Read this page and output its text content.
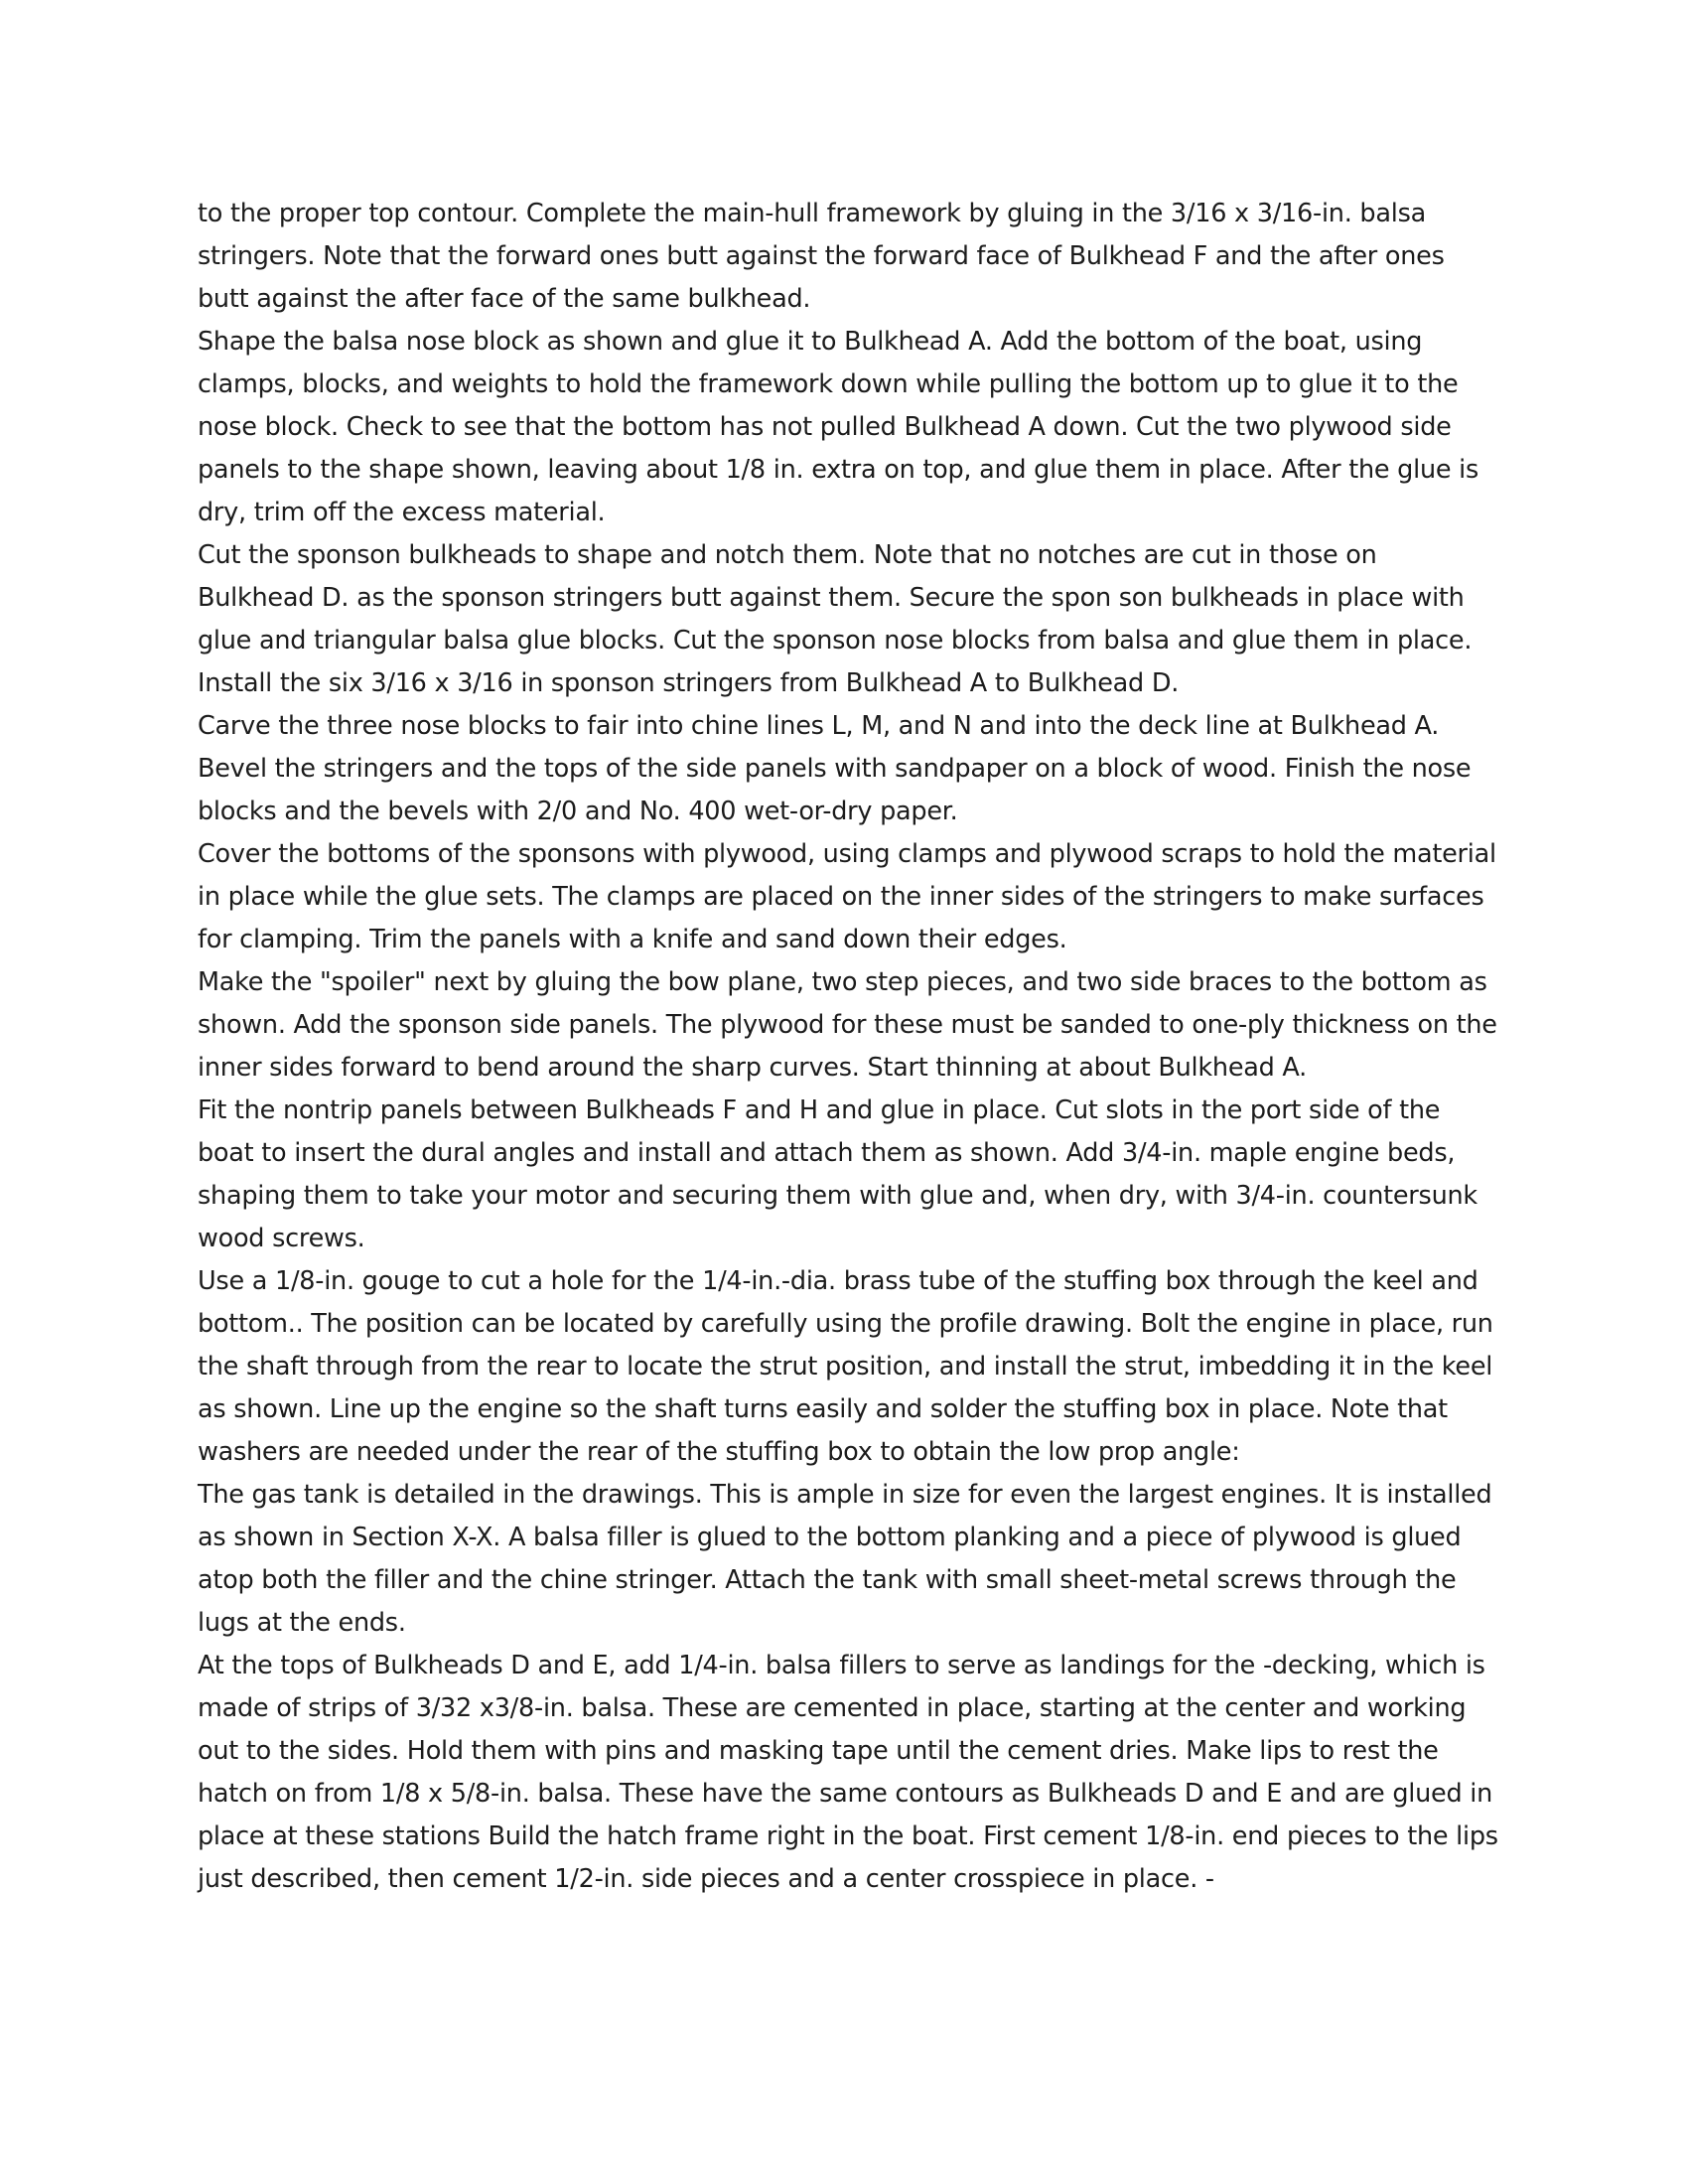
to the proper top contour. Complete the main-hull framework by gluing in the 3/16 x 3/16-in. balsa stringers. Note that the forward ones butt against the forward face of Bulkhead F and the after ones butt against the after face of the same bulkhead.

Shape the balsa nose block as shown and glue it to Bulkhead A. Add the bottom of the boat, using clamps, blocks, and weights to hold the framework down while pulling the bottom up to glue it to the nose block. Check to see that the bottom has not pulled Bulkhead A down. Cut the two plywood side panels to the shape shown, leaving about 1/8 in. extra on top, and glue them in place. After the glue is dry, trim off the excess material.

Cut the sponson bulkheads to shape and notch them. Note that no notches are cut in those on Bulkhead D. as the sponson stringers butt against them. Secure the spon son bulkheads in place with glue and triangular balsa glue blocks. Cut the sponson nose blocks from balsa and glue them in place. Install the six 3/16 x 3/16 in sponson stringers from Bulkhead A to Bulkhead D.

Carve the three nose blocks to fair into chine lines L, M, and N and into the deck line at Bulkhead A. Bevel the stringers and the tops of the side panels with sandpaper on a block of wood. Finish the nose blocks and the bevels with 2/0 and No. 400 wet-or-dry paper.

Cover the bottoms of the sponsons with plywood, using clamps and plywood scraps to hold the material in place while the glue sets. The clamps are placed on the inner sides of the stringers to make surfaces for clamping. Trim the panels with a knife and sand down their edges.

Make the "spoiler" next by gluing the bow plane, two step pieces, and two side braces to the bottom as shown. Add the sponson side panels. The plywood for these must be sanded to one-ply thickness on the inner sides forward to bend around the sharp curves. Start thinning at about Bulkhead A.

Fit the nontrip panels between Bulkheads F and H and glue in place. Cut slots in the port side of the boat to insert the dural angles and install and attach them as shown. Add 3/4-in. maple engine beds, shaping them to take your motor and securing them with glue and, when dry, with 3/4-in. countersunk wood screws.

Use a 1/8-in. gouge to cut a hole for the 1/4-in.-dia. brass tube of the stuffing box through the keel and bottom.. The position can be located by carefully using the profile drawing. Bolt the engine in place, run the shaft through from the rear to locate the strut position, and install the strut, imbedding it in the keel as shown. Line up the engine so the shaft turns easily and solder the stuffing box in place. Note that washers are needed under the rear of the stuffing box to obtain the low prop angle:

The gas tank is detailed in the drawings. This is ample in size for even the largest engines. It is installed as shown in Section X-X. A balsa filler is glued to the bottom planking and a piece of plywood is glued atop both the filler and the chine stringer. Attach the tank with small sheet-metal screws through the lugs at the ends.

At the tops of Bulkheads D and E, add 1/4-in. balsa fillers to serve as landings for the -decking, which is made of strips of 3/32 x3/8-in. balsa. These are cemented in place, starting at the center and working out to the sides. Hold them with pins and masking tape until the cement dries. Make lips to rest the hatch on from 1/8 x 5/8-in. balsa. These have the same contours as Bulkheads D and E and are glued in place at these stations Build the hatch frame right in the boat. First cement 1/8-in. end pieces to the lips just described, then cement 1/2-in. side pieces and a center crosspiece in place. -
